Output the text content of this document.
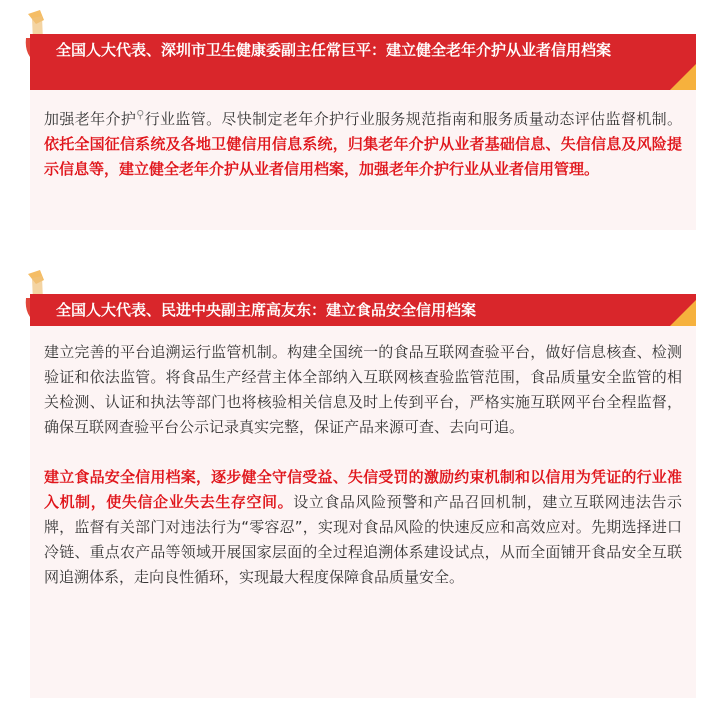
全国人大代表、深圳市卫生健康委副主任常巨平：建立健全老年介护从业者信用档案

加强老年介护⚲行业监管。尽快制定老年介护行业服务规范指南和服务质量动态评估监督机制。依托全国征信系统及各地卫健信用信息系统，归集老年介护从业者基础信息、失信信息及风险提示信息等，建立健全老年介护从业者信用档案，加强老年介护行业从业者信用管理。

全国人大代表、民进中央副主席高友东：建立食品安全信用档案

建立完善的平台追溯运行监管机制。构建全国统一的食品互联网查验平台，做好信息核查、检测验证和依法监管。将食品生产经营主体全部纳入互联网核查验监管范围，食品质量安全监管的相关检测、认证和执法等部门也将核验相关信息及时上传到平台，严格实施互联网平台全程监督，确保互联网查验平台公示记录真实完整，保证产品来源可查、去向可追。

建立食品安全信用档案，逐步健全守信受益、失信受罚的激励约束机制和以信用为凭证的行业准入机制，使失信企业失去生存空间。设立食品风险预警和产品召回机制，建立互联网违法告示牌，监督有关部门对违法行为“零容忍”，实现对食品风险的快速反应和高效应对。先期选择进口冷链、重点农产品等领域开展国家层面的全过程追溯体系建设试点，从而全面铺开食品安全互联网追溯体系，走向良性循环，实现最大程度保障食品质量安全。
